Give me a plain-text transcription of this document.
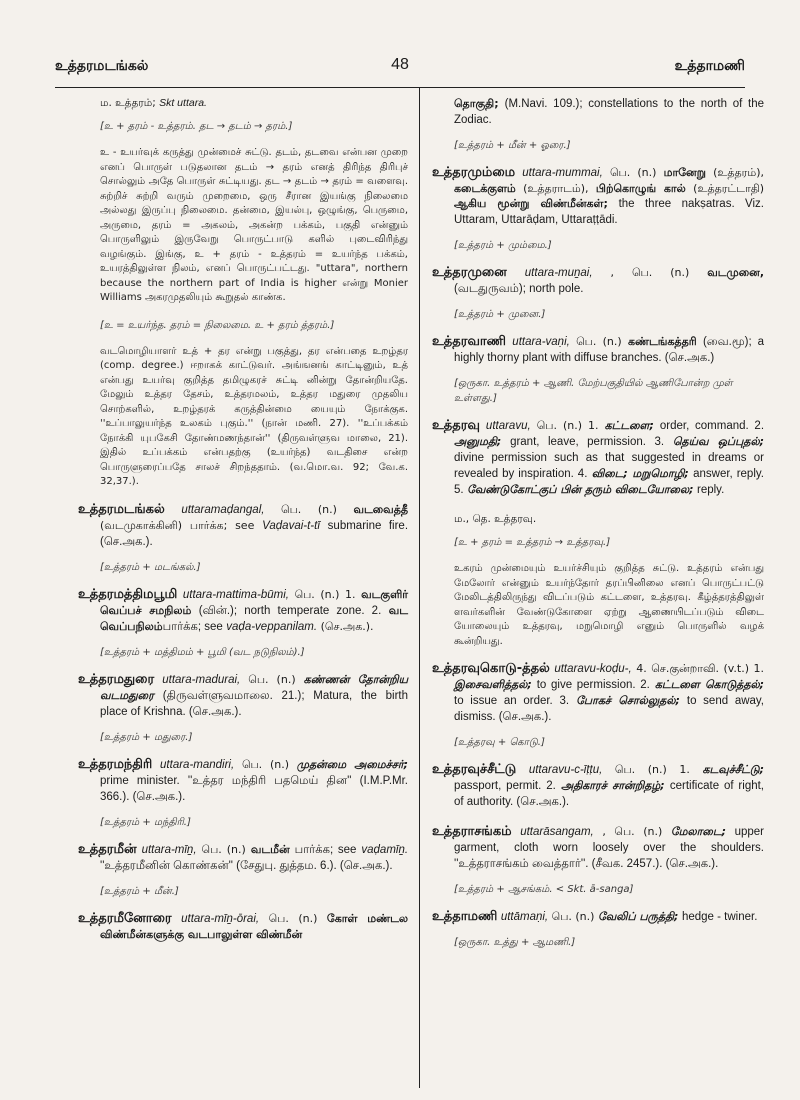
உத்தரமடங்கல்	48	உத்தாமணி

ம. உத்தரம்; Skt uttara.

[உ + தரம் - உத்தரம். தட → தடம் → தரம்.]

உ - உயர்வுக் கருத்து முன்மைச் சுட்டு. தடம், தடவை என்பன முறை எனப் பொருள் படுதலான தடம் → தரம் எனத் திரிந்த திரிபுச் சொல்லும் அதே பொருள் சுட்டியது. தட → தடம் → தரம் = வளைவு. சுற்றிச் சுற்றி வரும் முறைமை, ஒரு சீரான இயங்கு நிலைமை அல்லது இருப்பு நிலைமை. தன்மை, இயல்பு, ஒழுங்கு, பெருமை, அருமை, தரம் = அகலம், அகன்ற பக்கம், பகுதி என்னும் பொருளிலும் இருவேறு பொருட்பாடு களில் புடைவிரிந்து வழங்கும். இங்கு, உ + தரம் - உத்தரம் = உயர்ந்த பக்கம், உயரத்திலுள்ள நிலம், எனப் பொருட்பட்டது. "uttara", northern because the northern part of India is higher என்று Monier Williams அகரமுதலியும் கூறுதல் காண்க.

[உ = உயர்ந்த. தரம் = நிலைமை. உ + தரம் த்தரம்.]

வடமொழியாளர் உத் + தர என்று பகுத்து, தர என்பதை உறழ்தர (comp. degree.) ஈறாகக் காட்டுவர். அங்ஙனங் காட்டினும், உத் என்பது உயர்வு குறித்த தமிழுகரச் சுட்டி னின்று தோன்றியதே. மேலும் உத்தர தேசம், உத்தரமலம், உத்தர மதுரை முதலிய சொற்களில், உறழ்தரக் கருத்தின்மை யையும் நோக்குக. ''உப்பாலுயர்ந்த உலகம் புகும்.'' (நான் மணி. 27). ''உப்பக்கம் நோக்கி யுபகேசி தோண்மணந்தான்'' (திருவள்ளுவ மாலை, 21). இதில் உப்பக்கம் என்பதற்கு (உயர்ந்த) வடதிசை என்ற பொருளுரைப்பதே சாலச் சிறந்ததாம். (வ.மொ.வ. 92; வே.க. 32,37.).

உத்தரமடங்கல் uttaramaḍangal, பெ. (n.) வடவைத்தீ (வடமுகாக்கினி) பார்க்க; see Vaḍavai-t-tī submarine fire. (செ.அக.).

[உத்தரம் + மடங்கல்.]

உத்தரமத்திமபூமி uttara-mattima-būmi, பெ. (n.) 1. வடகுளிர் வெப்பச் சமநிலம் (வின்.); north temperate zone. 2. வட வெப்பநிலம்பார்க்க; see vaḍa-veppanilam. (செ.அக.).

[உத்தரம் + மத்திமம் + பூமி (வட நடுநிலம்).]

உத்தரமதுரை uttara-madurai, பெ. (n.) கண்ணன் தோன்றிய வடமதுரை (திருவள்ளுவமாலை. 21.); Matura, the birth place of Krishna. (செ.அக.).

[உத்தரம் + மதுரை.]

உத்தரமந்திரி uttara-mandiri, பெ. (n.) முதன்மை அமைச்சர்; prime minister. ''உத்தர மந்திரி பதமெய் தின'' (I.M.P.Mr. 366.). (செ.அக.).

[உத்தரம் + மந்திரி.]

உத்தரமீன் uttara-mīṉ, பெ. (n.) வடமீன் பார்க்க; see vaḍamīṉ. ''உத்தரமீனின் கொண்கன்'' (சேதுபு. துத்தம. 6.). (செ.அக.).

[உத்தரம் + மீன்.]

உத்தரமீனோரை uttara-mīṉ-ōrai, பெ. (n.) கோள் மண்டல விண்மீன்களுக்கு வடபாலுள்ள விண்மீன்

தொகுதி; (M.Navi. 109.); constellations to the north of the Zodiac.

[உத்தரம் + மீன் + ஓரை.]

உத்தரமும்மை uttara-mummai, பெ. (n.) மானேறு (உத்தரம்), கடைக்குளம் (உத்தராடம்), பிற்கொழுங் கால் (உத்தரட்டாதி) ஆகிய மூன்று விண்மீன்கள்; the three nakṣatras. Viz. Uttaram, Uttarāḍam, Uttaraṭṭādi.

[உத்தரம் + மும்மை.]

உத்தரமுனை uttara-muṉai, , பெ. (n.) வடமுனை, (வடதுருவம்); north pole.

[உத்தரம் + முனை.]

உத்தரவாணி uttara-vaṇi, பெ. (n.) கண்டங்கத்தரி (வை.மூ); a highly thorny plant with diffuse branches. (செ.அக.)

[ஒருகா. உத்தரம் + ஆணி. மேற்பகுதியில் ஆணிபோன்ற முள் உள்ளது.]

உத்தரவு uttaravu, பெ. (n.) 1. கட்டளை; order, command. 2. அனுமதி; grant, leave, permission. 3. தெய்வ ஒப்புதல்; divine permission such as that suggested in dreams or revealed by inspiration. 4. விடை; மறுமொழி; answer, reply. 5. வேண்டுகோட்குப் பின் தரும் விடையோலை; reply.

ம., தெ. உத்தரவு.

[உ + தரம் = உத்தரம் → உத்தரவு.]

உகரம் முன்மையும் உயர்ச்சியும் குறித்த சுட்டு. உத்தரம் என்பது மேலோர் என்னும் உயர்ந்தோர் தரப்பினிலை எனப் பொருட்பட்டு மேலிடத்திலிருந்து விடப்படும் கட்டளை, உத்தரவு. கீழ்த்தரத்திலுள் ளவர்களின் வேண்டுகோளை ஏற்று ஆணையிடப்படும் விடை யோலையும் உத்தரவு, மறுமொழி எனும் பொருளில் வழக் கூன்றியது.

உத்தரவுகொடு-த்தல் uttaravu-koḍu-, 4. செ.குன்றாவி. (v.t.) 1. இசைவளித்தல்; to give permission. 2. கட்டளை கொடுத்தல்; to issue an order. 3. போகச் சொல்லுதல்; to send away, dismiss. (செ.அக.).

[உத்தரவு + கொடு.]

உத்தரவுச்சீட்டு uttaravu-c-īṭṭu, பெ. (n.) 1. கடவுச்சீட்டு; passport, permit. 2. அதிகாரச் சான்றிதழ்; certificate of right, of authority. (செ.அக.).

உத்தராசங்கம் uttarāsangam, , பெ. (n.) மேலாடை; upper garment, cloth worn loosely over the shoulders. ''உத்தராசங்கம் வைத்தார்''. (சீவக. 2457.). (செ.அக.).

[உத்தரம் + ஆசங்கம். < Skt. ā-sanga]

உத்தாமணி uttāmaṇi, பெ. (n.) வேலிப் பருத்தி; hedge - twiner.

[ஒருகா. உத்து + ஆமணி.]
